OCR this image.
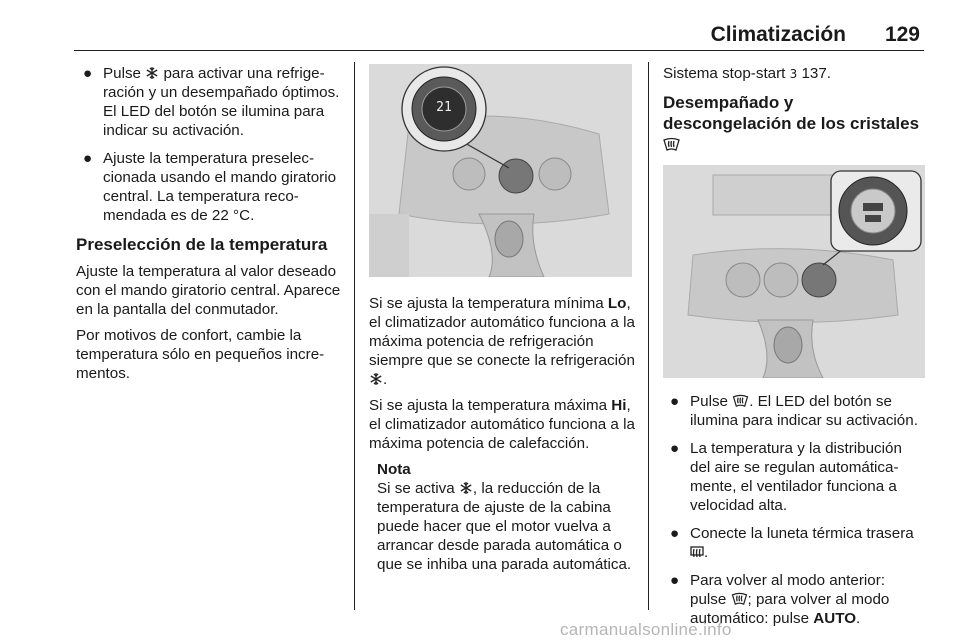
Climatización 129
● Pulse  para activar una refrigeración y un desempañado óptimos. El LED del botón se ilumina para indicar su activación.
● Ajuste la temperatura preseleccionada usando el mando giratorio central. La temperatura recomendada es de 22 °C.
Preselección de la temperatura

Ajuste la temperatura al valor deseado con el mando giratorio central. Aparece en la pantalla del conmutador.

Por motivos de confort, cambie la temperatura sólo en pequeños incrementos.

21

Si se ajusta la temperatura mínima Lo, el climatizador automático funciona a la máxima potencia de refrigeración siempre que se conecte la refrigeración .

Si se ajusta la temperatura máxima Hi, el climatizador automático funciona a la máxima potencia de calefacción.

Nota
Si se activa , la reducción de la temperatura de ajuste de la cabina puede hacer que el motor vuelva a arrancar desde parada automática o que se inhiba una parada automática.

Sistema stop-start 3 137.

Desempañado y descongelación de los cristales
● Pulse . El LED del botón se ilumina para indicar su activación.
● La temperatura y la distribución del aire se regulan automáticamente, el ventilador funciona a velocidad alta.
● Conecte la luneta térmica trasera .
● Para volver al modo anterior: pulse ; para volver al modo automático: pulse AUTO.
carmanualsonline.info
